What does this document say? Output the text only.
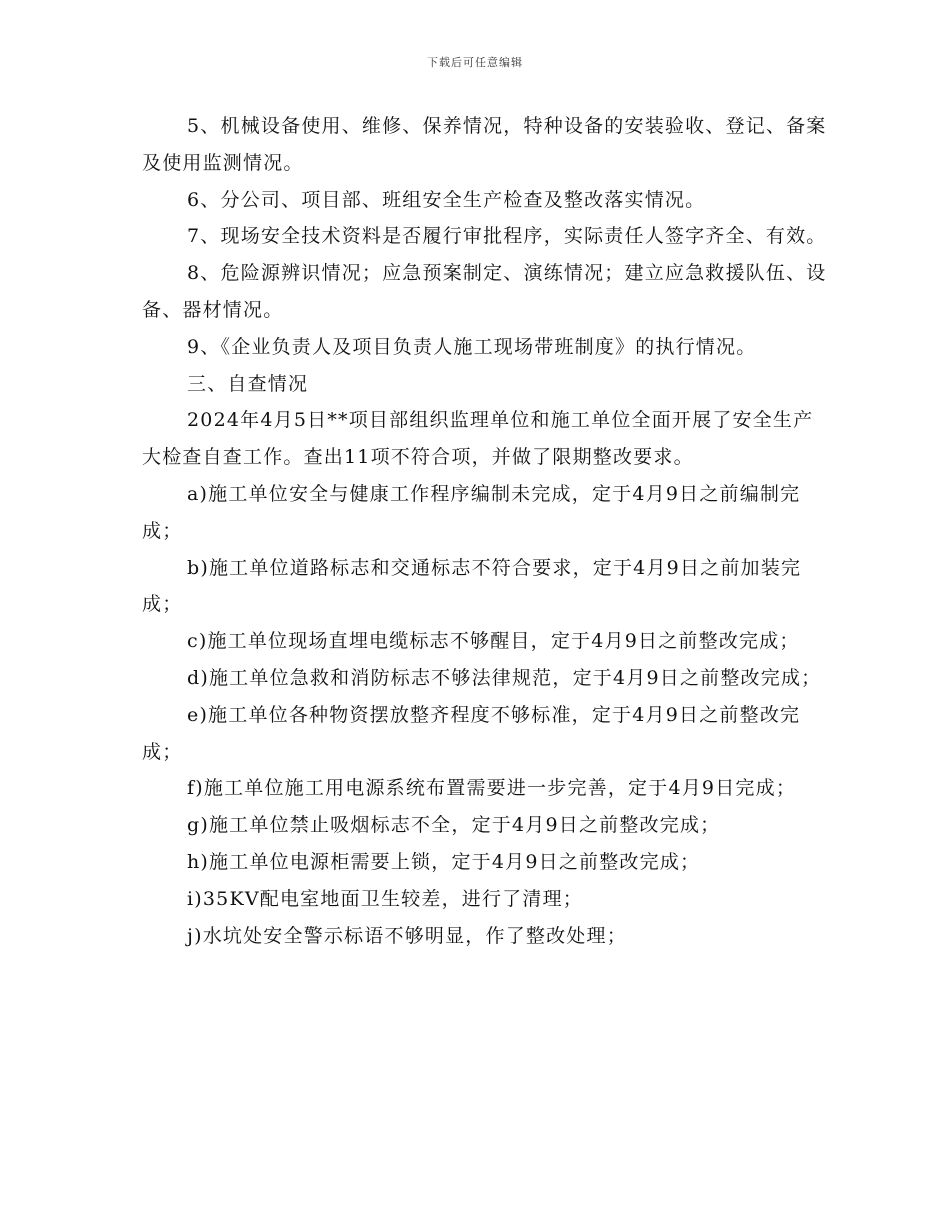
下载后可任意编辑

5、机械设备使用、维修、保养情况，特种设备的安装验收、登记、备案及使用监测情况。

6、分公司、项目部、班组安全生产检查及整改落实情况。

7、现场安全技术资料是否履行审批程序，实际责任人签字齐全、有效。

8、危险源辨识情况；应急预案制定、演练情况；建立应急救援队伍、设备、器材情况。

9、《企业负责人及项目负责人施工现场带班制度》的执行情况。

三、自查情况

2024年4月5日**项目部组织监理单位和施工单位全面开展了安全生产大检查自查工作。查出11项不符合项，并做了限期整改要求。

a)施工单位安全与健康工作程序编制未完成，定于4月9日之前编制完成；

b)施工单位道路标志和交通标志不符合要求，定于4月9日之前加装完成；

c)施工单位现场直埋电缆标志不够醒目，定于4月9日之前整改完成；

d)施工单位急救和消防标志不够法律规范，定于4月9日之前整改完成；

e)施工单位各种物资摆放整齐程度不够标准，定于4月9日之前整改完成；

f)施工单位施工用电源系统布置需要进一步完善，定于4月9日完成；

g)施工单位禁止吸烟标志不全，定于4月9日之前整改完成；

h)施工单位电源柜需要上锁，定于4月9日之前整改完成；

i)35KV配电室地面卫生较差，进行了清理；

j)水坑处安全警示标语不够明显，作了整改处理；
